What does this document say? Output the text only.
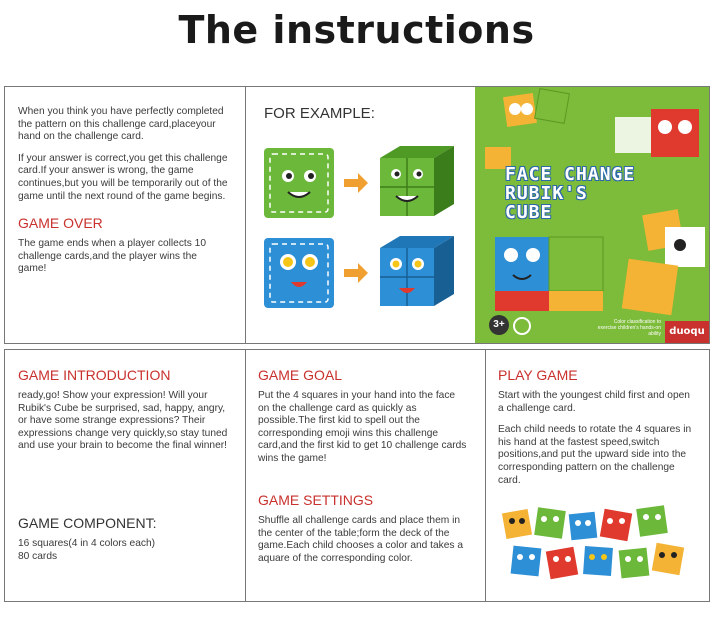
The instructions

When you think you have perfectly completed the pattern on this challenge card,placeyour hand on the challenge card.

If your answer is correct,you get this challenge card.If your answer is wrong, the game continues,but you will be temporarily out of the game until the next round of the game begins.

GAME OVER

The game ends when a player collects 10 challenge cards,and the player wins the game!

FOR EXAMPLE:
FACE CHANGE
RUBIK'S
CUBE
3+	Color classification to exercise children's hands-on ability duoqu
GAME INTRODUCTION

ready,go! Show your expression! Will your Rubik's Cube be surprised, sad, happy, angry, or have some strange expressions? Their expressions change very quickly,so stay tuned and use your brain to become the final winner!

GAME COMPONENT:
16 squares(4 in 4 colors each)
80 cards
GAME GOAL

Put the 4 squares in your hand into the face on the challenge card as quickly as possible.The first kid to spell out the corresponding emoji wins this challenge card,and the first kid to get 10 challenge cards wins the game!

GAME SETTINGS

Shuffle all challenge cards and place them in the center of the table;form the deck of the game.Each child chooses a color and takes a aquare of the corresponding color.

PLAY GAME

Start with the youngest child first and open a challenge card.

Each child needs to rotate the 4 squares in his hand at the fastest speed,switch positions,and put the upward side into the corresponding pattern on the challenge card.
